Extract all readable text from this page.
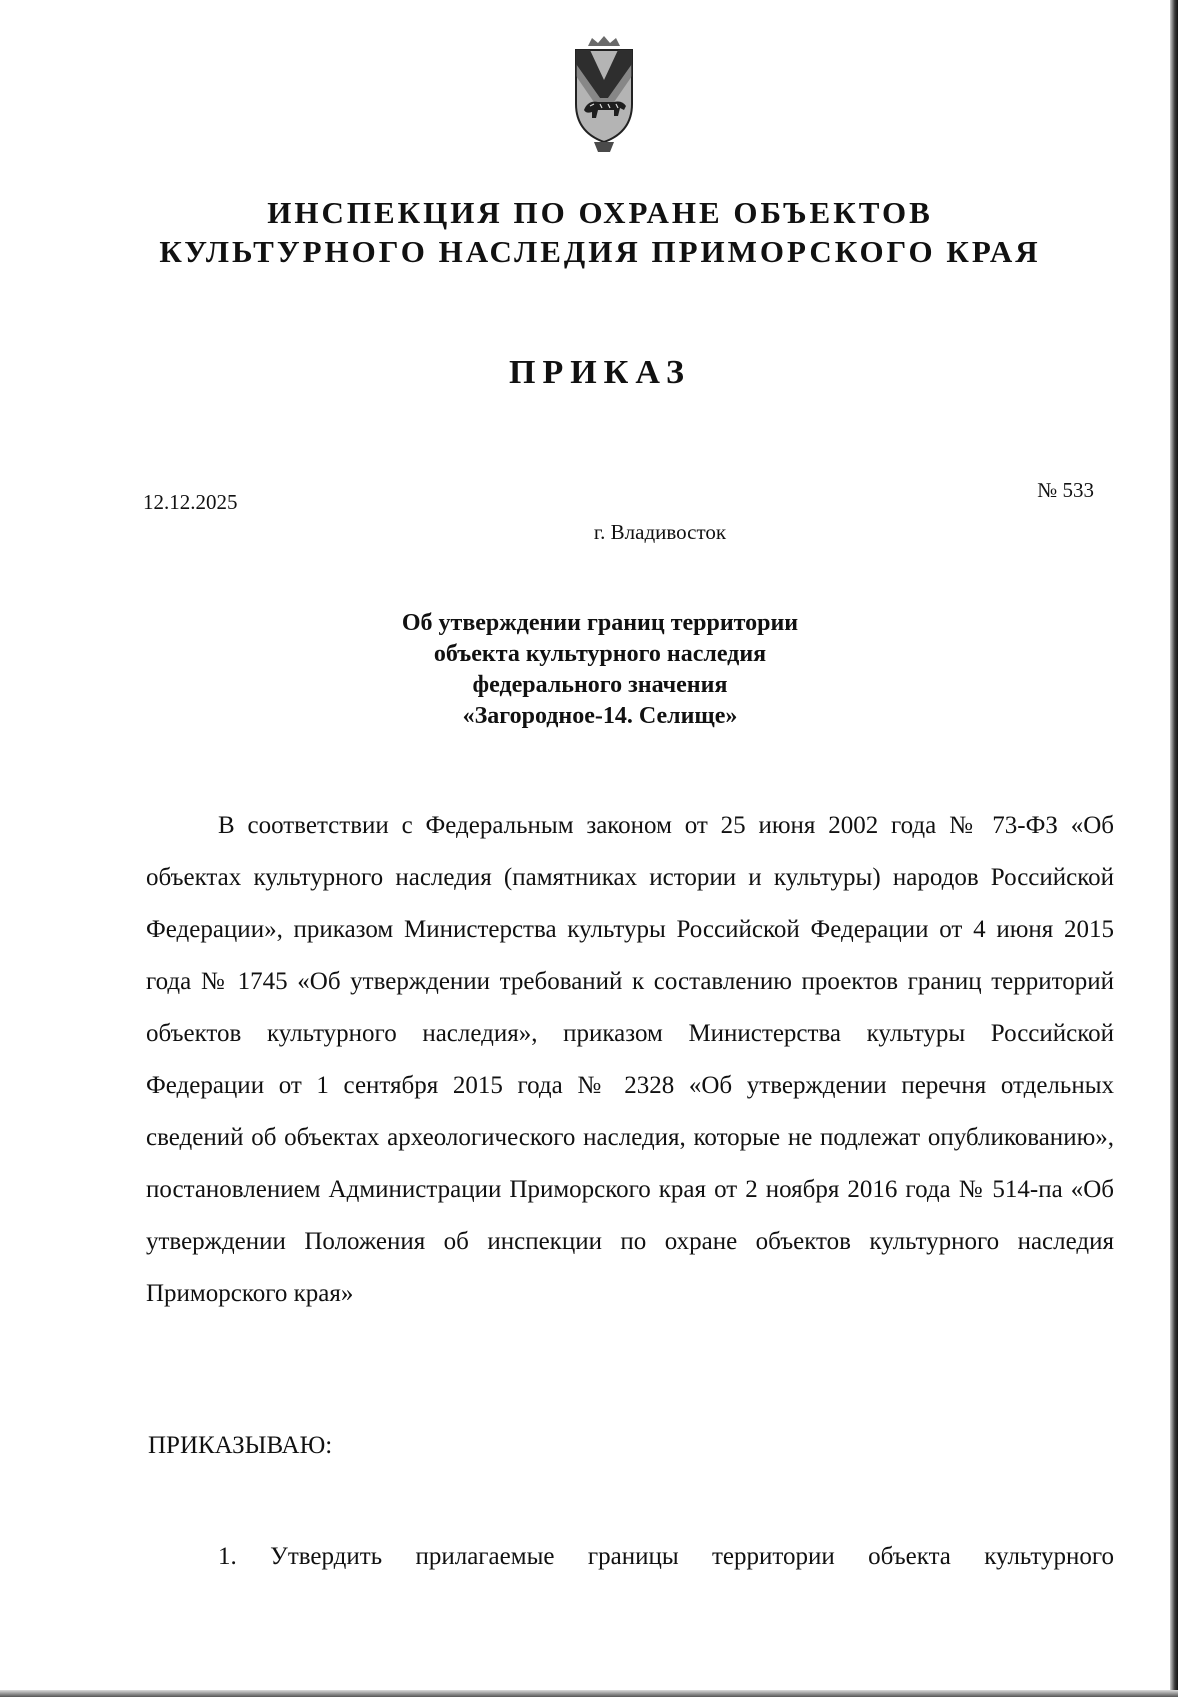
ИНСПЕКЦИЯ ПО ОХРАНЕ ОБЪЕКТОВ
КУЛЬТУРНОГО НАСЛЕДИЯ ПРИМОРСКОГО КРАЯ
ПРИКАЗ
12.12.2025	№ 533
г. Владивосток
Об утверждении границ территории
объекта культурного наследия
федерального значения
«Загородное-14. Селище»

В соответствии с Федеральным законом от 25 июня 2002 года № 73-ФЗ «Об объектах культурного наследия (памятниках истории и культуры) народов Российской Федерации», приказом Министерства культуры Российской Федерации от 4 июня 2015 года № 1745 «Об утверждении требований к составлению проектов границ территорий объектов культурного наследия», приказом Министерства культуры Российской Федерации от 1 сентября 2015 года № 2328 «Об утверждении перечня отдельных сведений об объектах археологического наследия, которые не подлежат опубликованию», постановлением Администрации Приморского края от 2 ноября 2016 года № 514-па «Об утверждении Положения об инспекции по охране объектов культурного наследия Приморского края»

ПРИКАЗЫВАЮ:

1. Утвердить прилагаемые границы территории объекта культурного
